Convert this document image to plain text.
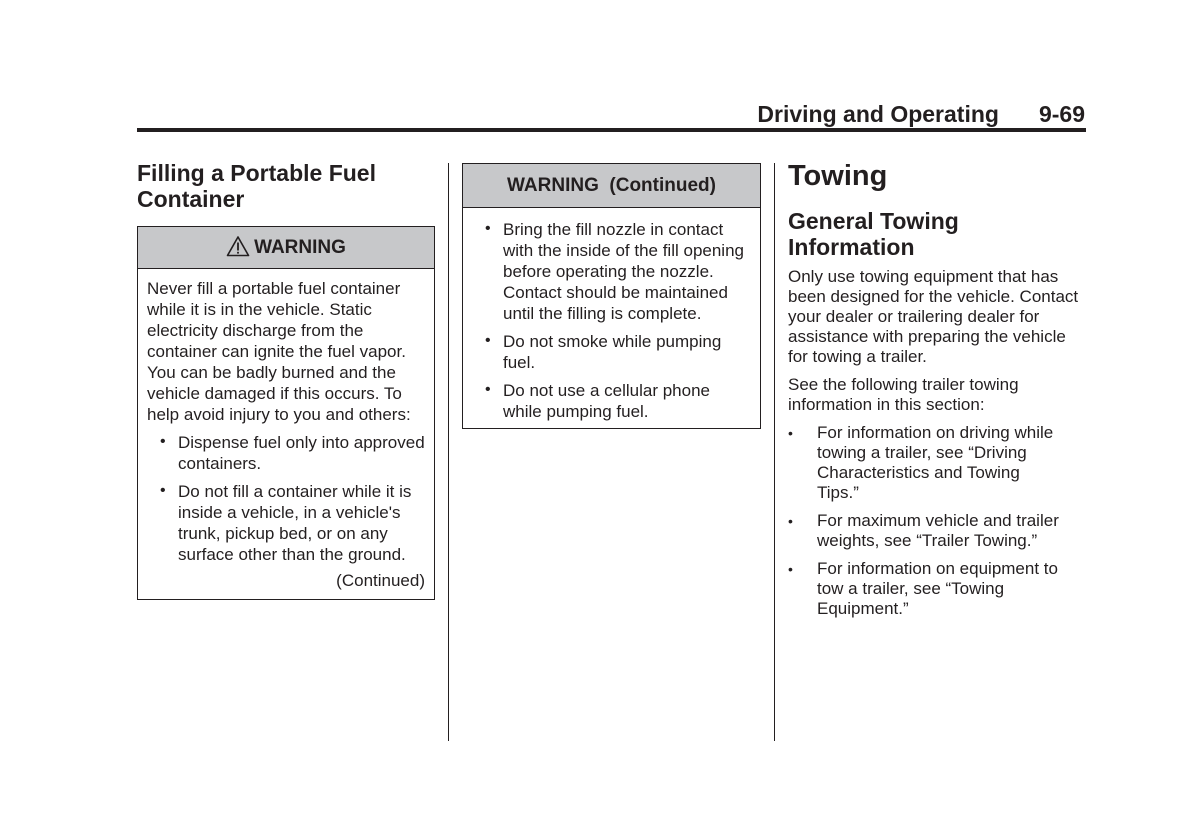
Driving and Operating 9-69
Filling a Portable Fuel Container
WARNING

Never fill a portable fuel container while it is in the vehicle. Static electricity discharge from the container can ignite the fuel vapor. You can be badly burned and the vehicle damaged if this occurs. To help avoid injury to you and others:

• Dispense fuel only into approved containers.
• Do not fill a container while it is inside a vehicle, in a vehicle's trunk, pickup bed, or on any surface other than the ground.
(Continued)
WARNING  (Continued)
• Bring the fill nozzle in contact with the inside of the fill opening before operating the nozzle. Contact should be maintained until the filling is complete.
• Do not smoke while pumping fuel.
• Do not use a cellular phone while pumping fuel.
Towing
General Towing Information

Only use towing equipment that has been designed for the vehicle. Contact your dealer or trailering dealer for assistance with preparing the vehicle for towing a trailer.

See the following trailer towing information in this section:

• For information on driving while towing a trailer, see “Driving Characteristics and Towing Tips.”
• For maximum vehicle and trailer weights, see “Trailer Towing.”
• For information on equipment to tow a trailer, see “Towing Equipment.”
